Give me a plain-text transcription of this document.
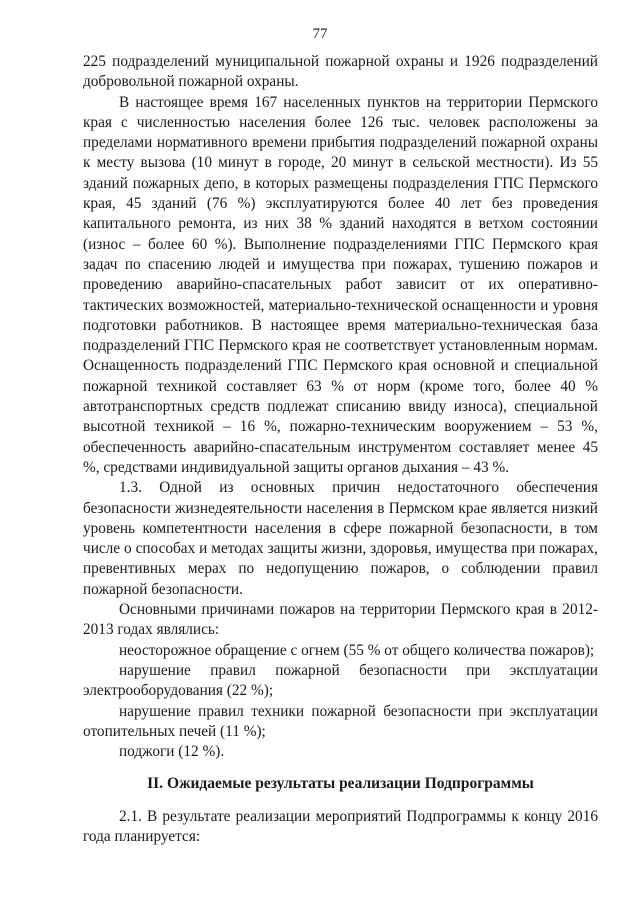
77

225 подразделений муниципальной пожарной охраны и 1926 подразделений добровольной пожарной охраны.

В настоящее время 167 населенных пунктов на территории Пермского края с численностью населения более 126 тыс. человек расположены за пределами нормативного времени прибытия подразделений пожарной охраны к месту вызова (10 минут в городе, 20 минут в сельской местности). Из 55 зданий пожарных депо, в которых размещены подразделения ГПС Пермского края, 45 зданий (76 %) эксплуатируются более 40 лет без проведения капитального ремонта, из них 38 % зданий находятся в ветхом состоянии (износ – более 60 %). Выполнение подразделениями ГПС Пермского края задач по спасению людей и имущества при пожарах, тушению пожаров и проведению аварийно-спасательных работ зависит от их оперативно-тактических возможностей, материально-технической оснащенности и уровня подготовки работников. В настоящее время материально-техническая база подразделений ГПС Пермского края не соответствует установленным нормам. Оснащенность подразделений ГПС Пермского края основной и специальной пожарной техникой составляет 63 % от норм (кроме того, более 40 % автотранспортных средств подлежат списанию ввиду износа), специальной высотной техникой – 16 %, пожарно-техническим вооружением – 53 %, обеспеченность аварийно-спасательным инструментом составляет менее 45 %, средствами индивидуальной защиты органов дыхания – 43 %.

1.3. Одной из основных причин недостаточного обеспечения безопасности жизнедеятельности населения в Пермском крае является низкий уровень компетентности населения в сфере пожарной безопасности, в том числе о способах и методах защиты жизни, здоровья, имущества при пожарах, превентивных мерах по недопущению пожаров, о соблюдении правил пожарной безопасности.

Основными причинами пожаров на территории Пермского края в 2012-2013 годах являлись:

неосторожное обращение с огнем (55 % от общего количества пожаров);

нарушение правил пожарной безопасности при эксплуатации электрооборудования (22 %);

нарушение правил техники пожарной безопасности при эксплуатации отопительных печей (11 %);

поджоги (12 %).

II. Ожидаемые результаты реализации Подпрограммы

2.1. В результате реализации мероприятий Подпрограммы к концу 2016 года планируется:
